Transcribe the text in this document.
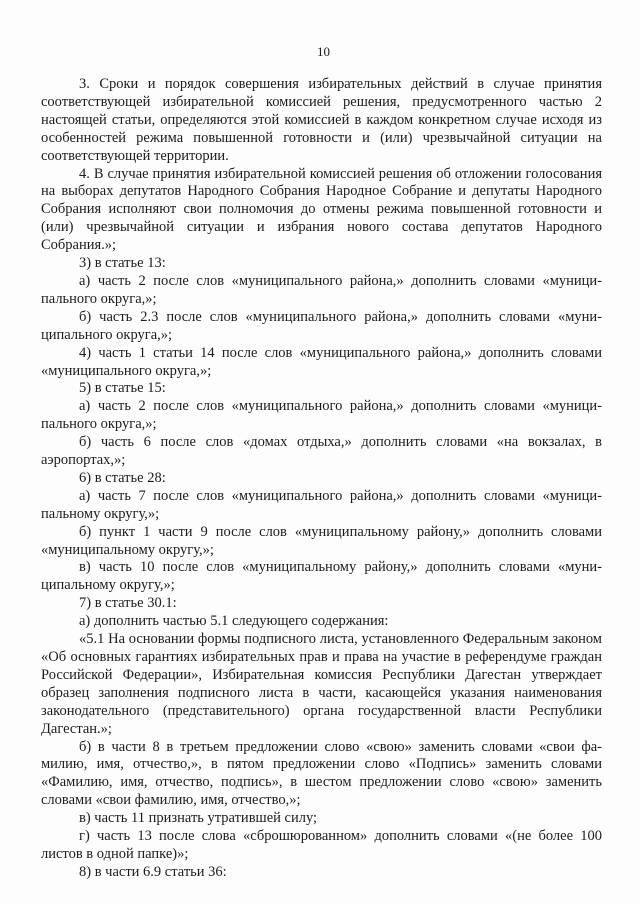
10

3. Сроки и порядок совершения избирательных действий в случае принятия соответствующей избирательной комиссией решения, предусмотренного частью 2 настоящей статьи, определяются этой комиссией в каждом конкретном случае исходя из особенностей режима повышенной готовности и (или) чрезвычайной ситуации на соответствующей территории.

4. В случае принятия избирательной комиссией решения об отложении голосования на выборах депутатов Народного Собрания Народное Собрание и депутаты Народного Собрания исполняют свои полномочия до отмены режима повышенной готовности и (или) чрезвычайной ситуации и избрания нового состава депутатов Народного Собрания.»;

3) в статье 13:

а) часть 2 после слов «муниципального района,» дополнить словами «муниципального округа,»;

б) часть 2.3 после слов «муниципального района,» дополнить словами «муниципального округа,»;

4) часть 1 статьи 14 после слов «муниципального района,» дополнить словами «муниципального округа,»;

5) в статье 15:

а) часть 2 после слов «муниципального района,» дополнить словами «муниципального округа,»;

б) часть 6 после слов «домах отдыха,» дополнить словами «на вокзалах, в аэропортах,»;

6) в статье 28:

а) часть 7 после слов «муниципального района,» дополнить словами «муниципальному округу,»;

б) пункт 1 части 9 после слов «муниципальному району,» дополнить словами «муниципальному округу,»;

в) часть 10 после слов «муниципальному району,» дополнить словами «муниципальному округу,»;

7) в статье 30.1:

а) дополнить частью 5.1 следующего содержания:

«5.1 На основании формы подписного листа, установленного Федеральным законом «Об основных гарантиях избирательных прав и права на участие в референдуме граждан Российской Федерации», Избирательная комиссия Республики Дагестан утверждает образец заполнения подписного листа в части, касающейся указания наименования законодательного (представительного) органа государственной власти Республики Дагестан.»;

б) в части 8 в третьем предложении слово «свою» заменить словами «свои фамилию, имя, отчество,», в пятом предложении слово «Подпись» заменить словами «Фамилию, имя, отчество, подпись», в шестом предложении слово «свою» заменить словами «свои фамилию, имя, отчество,»;

в) часть 11 признать утратившей силу;

г) часть 13 после слова «сброшюрованном» дополнить словами «(не более 100 листов в одной папке)»;

8) в части 6.9 статьи 36:
